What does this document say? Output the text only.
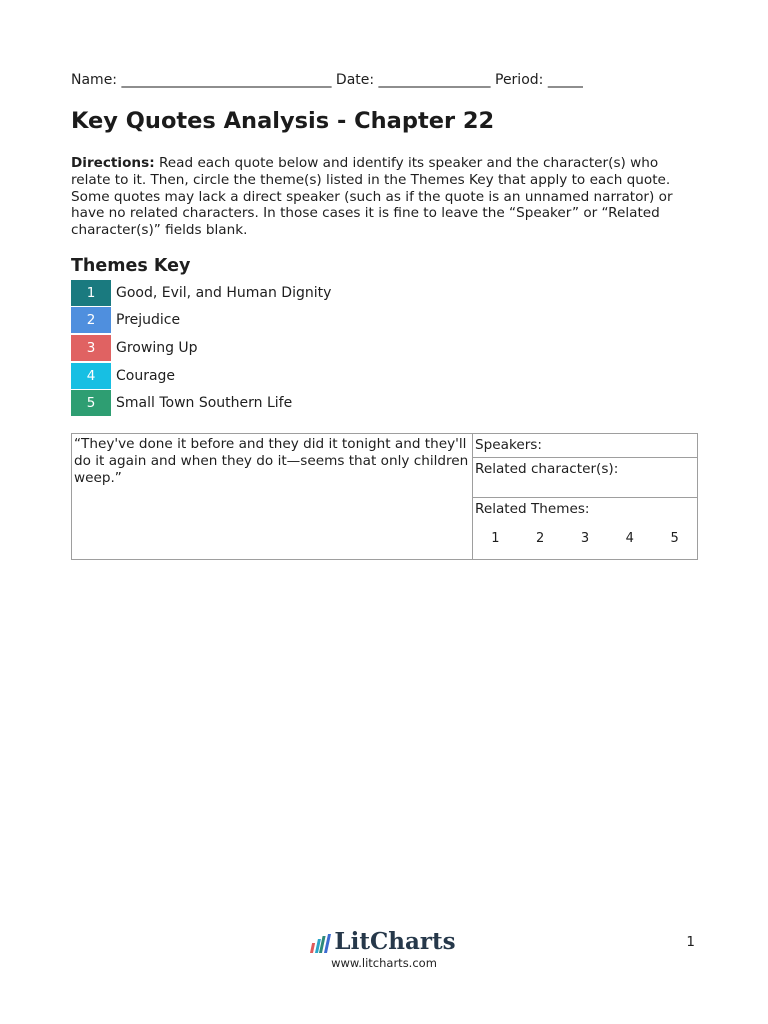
Name: ______________________________ Date: ________________ Period: _____
Key Quotes Analysis - Chapter 22
Directions: Read each quote below and identify its speaker and the character(s) who relate to it. Then, circle the theme(s) listed in the Themes Key that apply to each quote. Some quotes may lack a direct speaker (such as if the quote is an unnamed narrator) or have no related characters. In those cases it is fine to leave the “Speaker” or “Related character(s)” fields blank.
Themes Key
1	Good, Evil, and Human Dignity
2	Prejudice
3	Growing Up
4	Courage
5	Small Town Southern Life
“They've done it before and they did it tonight and they'll do it again and when they do it—seems that only children weep.”
Speakers:
Related character(s):
Related Themes:
1	2	3	4	5
LitCharts
www.litcharts.com
1
